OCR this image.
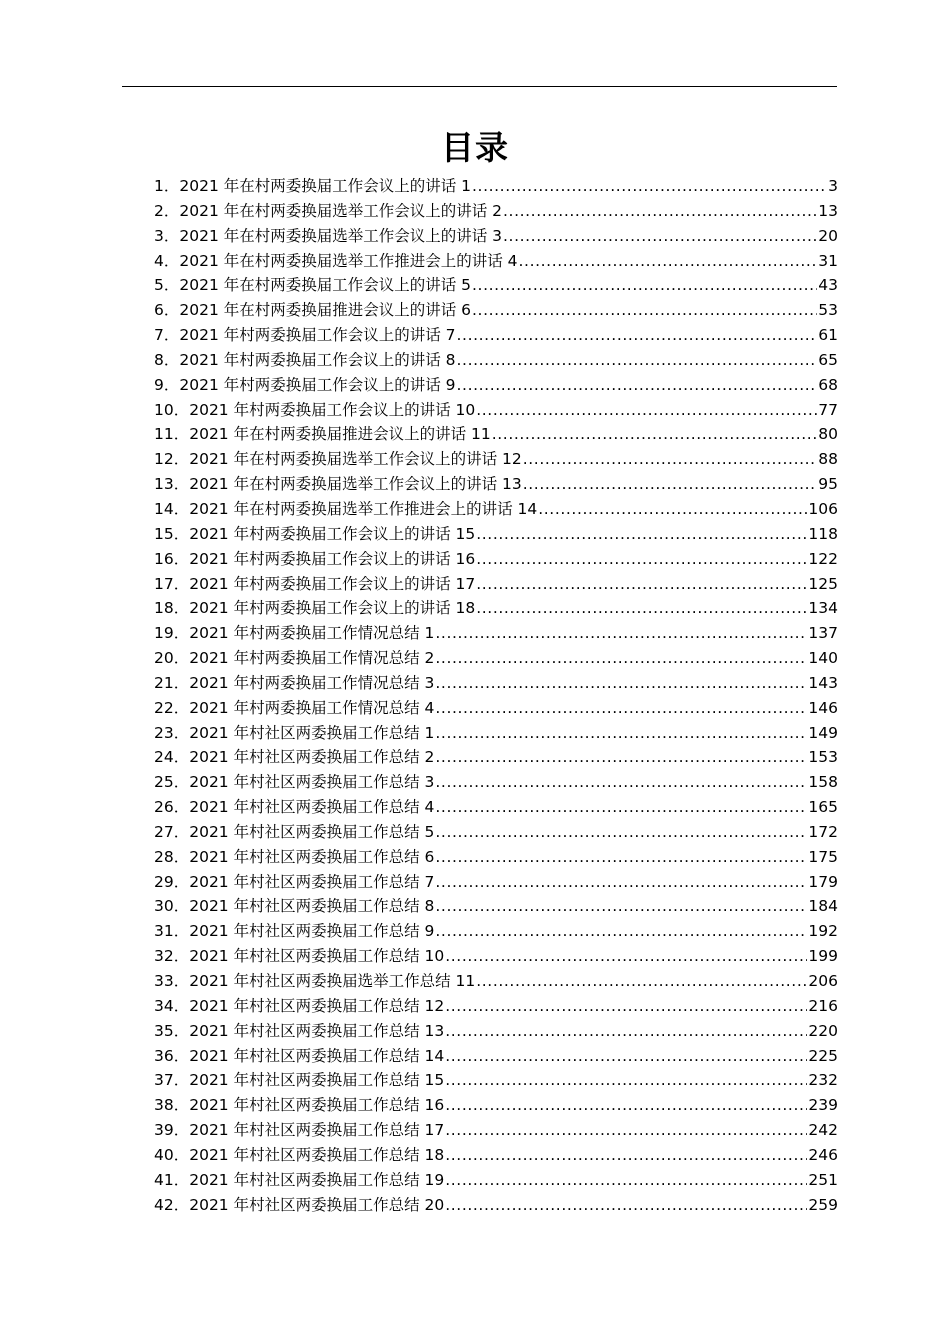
目录
1．2021 年在村两委换届工作会议上的讲话 1 .....	3
2．2021 年在村两委换届选举工作会议上的讲话 2 .....	13
3．2021 年在村两委换届选举工作会议上的讲话 3 .....	20
4．2021 年在村两委换届选举工作推进会上的讲话 4 .....	31
5．2021 年在村两委换届工作会议上的讲话 5 .....	43
6．2021 年在村两委换届推进会议上的讲话 6 .....	53
7．2021 年村两委换届工作会议上的讲话 7 .....	61
8．2021 年村两委换届工作会议上的讲话 8 .....	65
9．2021 年村两委换届工作会议上的讲话 9 .....	68
10．2021 年村两委换届工作会议上的讲话 10 .....	77
11．2021 年在村两委换届推进会议上的讲话 11 .....	80
12．2021 年在村两委换届选举工作会议上的讲话 12 .....	88
13．2021 年在村两委换届选举工作会议上的讲话 13 .....	95
14．2021 年在村两委换届选举工作推进会上的讲话 14 .....	106
15．2021 年村两委换届工作会议上的讲话 15 .....	118
16．2021 年村两委换届工作会议上的讲话 16 .....	122
17．2021 年村两委换届工作会议上的讲话 17 .....	125
18．2021 年村两委换届工作会议上的讲话 18 .....	134
19．2021 年村两委换届工作情况总结 1 .....	137
20．2021 年村两委换届工作情况总结 2 .....	140
21．2021 年村两委换届工作情况总结 3 .....	143
22．2021 年村两委换届工作情况总结 4 .....	146
23．2021 年村社区两委换届工作总结 1 .....	149
24．2021 年村社区两委换届工作总结 2 .....	153
25．2021 年村社区两委换届工作总结 3 .....	158
26．2021 年村社区两委换届工作总结 4 .....	165
27．2021 年村社区两委换届工作总结 5 .....	172
28．2021 年村社区两委换届工作总结 6 .....	175
29．2021 年村社区两委换届工作总结 7 .....	179
30．2021 年村社区两委换届工作总结 8 .....	184
31．2021 年村社区两委换届工作总结 9 .....	192
32．2021 年村社区两委换届工作总结 10 .....	199
33．2021 年村社区两委换届选举工作总结 11 .....	206
34．2021 年村社区两委换届工作总结 12 .....	216
35．2021 年村社区两委换届工作总结 13 .....	220
36．2021 年村社区两委换届工作总结 14 .....	225
37．2021 年村社区两委换届工作总结 15 .....	232
38．2021 年村社区两委换届工作总结 16 .....	239
39．2021 年村社区两委换届工作总结 17 .....	242
40．2021 年村社区两委换届工作总结 18 .....	246
41．2021 年村社区两委换届工作总结 19 .....	251
42．2021 年村社区两委换届工作总结 20 .....	259
